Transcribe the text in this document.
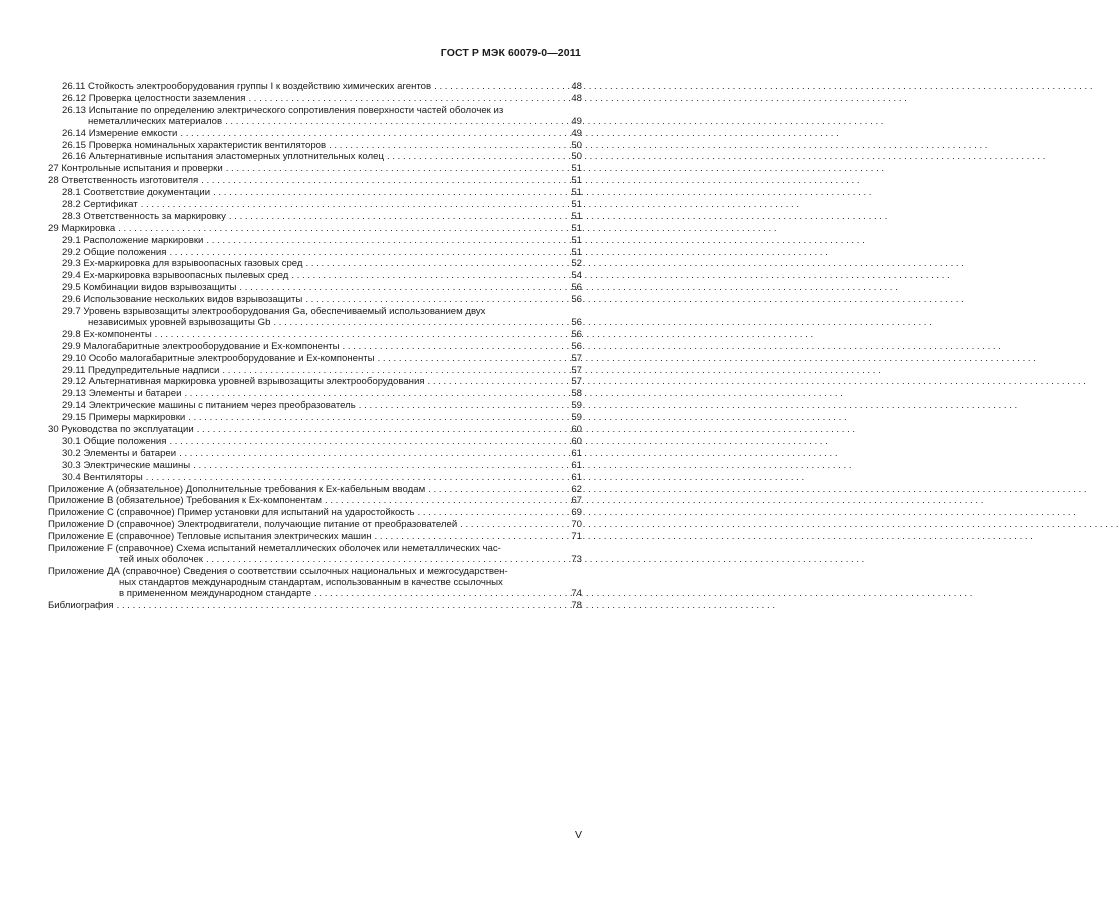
ГОСТ Р МЭК 60079-0—2011
26.11
Стойкость электрооборудования группы I к воздействию химических агентов . . .	48
26.12
Проверка целостности заземления . . .	48
26.13
Испытание по определению электрического сопротивления поверхности частей оболочек из
неметаллических материалов . . .	49
26.14
Измерение емкости . . .	49
26.15
Проверка номинальных характеристик вентиляторов . . .	50
26.16
Альтернативные испытания эластомерных уплотнительных колец . . .	50
27
Контрольные испытания и проверки . . .	51
28
Ответственность изготовителя . . .	51
28.1
Соответствие документации . . .	51
28.2
Сертификат . . .	51
28.3
Ответственность за маркировку . . .	51
29
Маркировка . . .	51
29.1
Расположение маркировки . . .	51
29.2
Общие положения . . .	51
29.3
Ex-маркировка для взрывоопасных газовых сред . . .	52
29.4
Ex-маркировка взрывоопасных пылевых сред . . .	54
29.5
Комбинации видов взрывозащиты . . .	56
29.6
Использование нескольких видов взрывозащиты . . .	56
29.7
Уровень взрывозащиты электрооборудования Ga, обеспечиваемый использованием двух
независимых уровней взрывозащиты Gb . . .	56
29.8
Ex-компоненты . . .	56
29.9
Малогабаритные электрооборудование и Ex-компоненты . . .	56
29.10
Особо малогабаритные электрооборудование и Ex-компоненты . . .	57
29.11
Предупредительные надписи . . .	57
29.12
Альтернативная маркировка уровней взрывозащиты электрооборудования . . .	57
29.13
Элементы и батареи . . .	58
29.14
Электрические машины с питанием через преобразователь . . .	59
29.15
Примеры маркировки . . .	59
30
Руководства по эксплуатации . . .	60
30.1
Общие положения . . .	60
30.2
Элементы и батареи . . .	61
30.3
Электрические машины . . .	61
30.4
Вентиляторы . . .	61
Приложение
A (обязательное) Дополнительные требования к Ex-кабельным вводам . . .	62
Приложение
B (обязательное) Требования к Ex-компонентам . . .	67
Приложение
C (справочное) Пример установки для испытаний на ударостойкость . . .	69
Приложение
D (справочное) Электродвигатели, получающие питание от преобразователей . . .	70
Приложение
E (справочное) Тепловые испытания электрических машин . . .	71
Приложение
F (справочное) Схема испытаний неметаллических оболочек или неметаллических час-
тей иных оболочек . . .	73
Приложение
ДА (справочное) Сведения о соответствии ссылочных национальных и межгосударствен-
ных стандартов международным стандартам, использованным в качестве ссылочных
в примененном международном стандарте . . .	74
Библиография . . .	78
V
